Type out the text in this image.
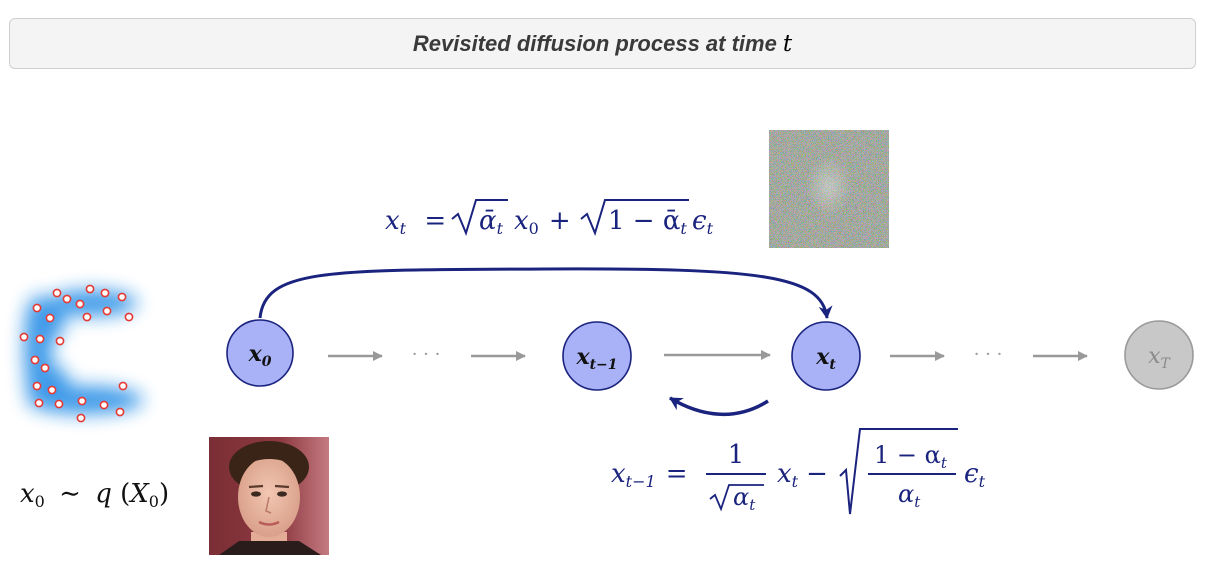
Revisited diffusion process at time t
· · ·	· · ·
$x_0$	$x_{t-1}$	$x_t$	$x_T$
xt = ᾱt x0 + 1 − ᾱt ϵt
xt−1 =
1
$\alpha_t$
xt −
$1 - \alpha_t$
$\alpha_t$
ϵt
x0 ∼ q (X0)
